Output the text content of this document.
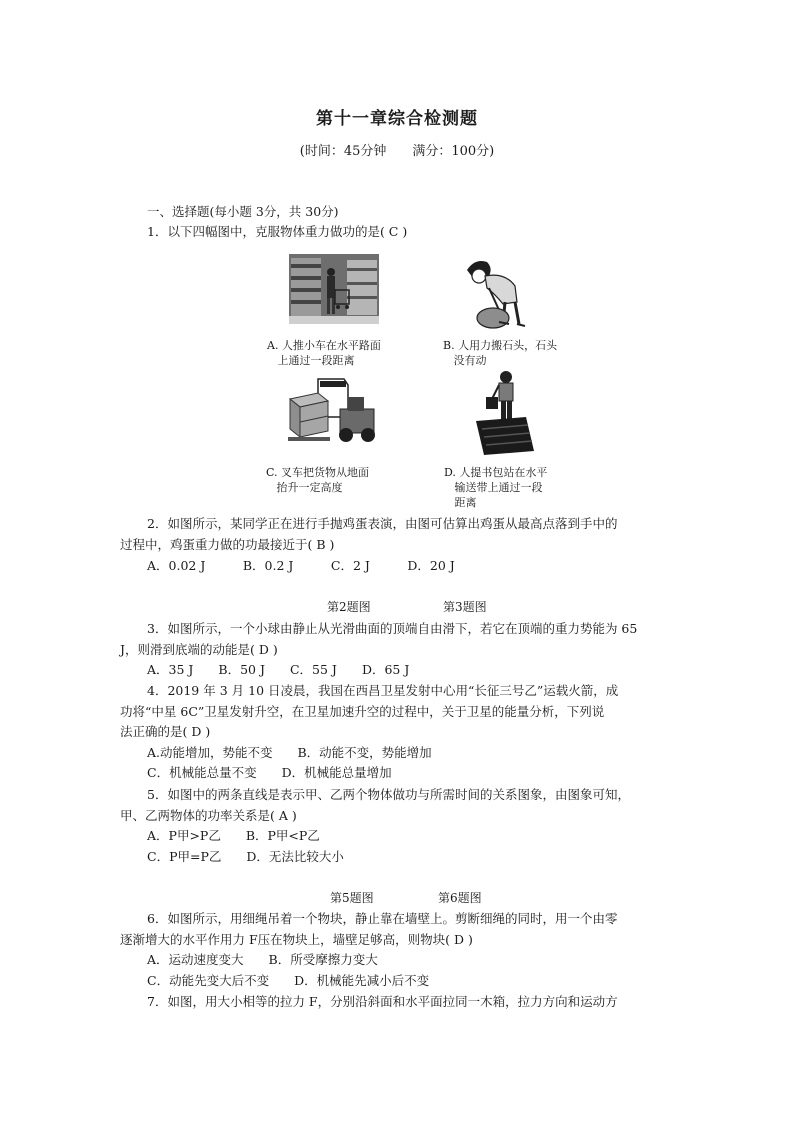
第十一章综合检测题
(时间：45分钟　　满分：100分)
一、选择题(每小题 3分，共 30分)
1．以下四幅图中，克服物体重力做功的是( C )
A. 人推小车在水平路面
上通过一段距离
B. 人用力搬石头，石头
没有动
C. 叉车把货物从地面
抬升一定高度
D. 人提书包站在水平
输送带上通过一段
距离
2．如图所示，某同学正在进行手抛鸡蛋表演，由图可估算出鸡蛋从最高点落到手中的
过程中，鸡蛋重力做的功最接近于( B )
A．0.02 J　　　B．0.2 J　　　C．2 J　　　D．20 J
第2题图	第3题图
3．如图所示，一个小球由静止从光滑曲面的顶端自由滑下，若它在顶端的重力势能为 65
J，则滑到底端的动能是( D )
A．35 J　　B．50 J　　C．55 J　　D．65 J
4．2019 年 3 月 10 日凌晨，我国在西昌卫星发射中心用“长征三号乙”运载火箭，成
功将“中星 6C”卫星发射升空，在卫星加速升空的过程中，关于卫星的能量分析，下列说
法正确的是( D )
A.动能增加，势能不变　　B．动能不变，势能增加
C．机械能总量不变　　D．机械能总量增加
5．如图中的两条直线是表示甲、乙两个物体做功与所需时间的关系图象，由图象可知，
甲、乙两物体的功率关系是( A )
A．P甲>P乙　　B．P甲<P乙
C．P甲=P乙　　D．无法比较大小
第5题图	第6题图
6．如图所示，用细绳吊着一个物块，静止靠在墙壁上。剪断细绳的同时，用一个由零
逐渐增大的水平作用力 F压在物块上，墙壁足够高，则物块( D )
A．运动速度变大　　B．所受摩擦力变大
C．动能先变大后不变　　D．机械能先减小后不变
7．如图，用大小相等的拉力 F，分别沿斜面和水平面拉同一木箱，拉力方向和运动方
